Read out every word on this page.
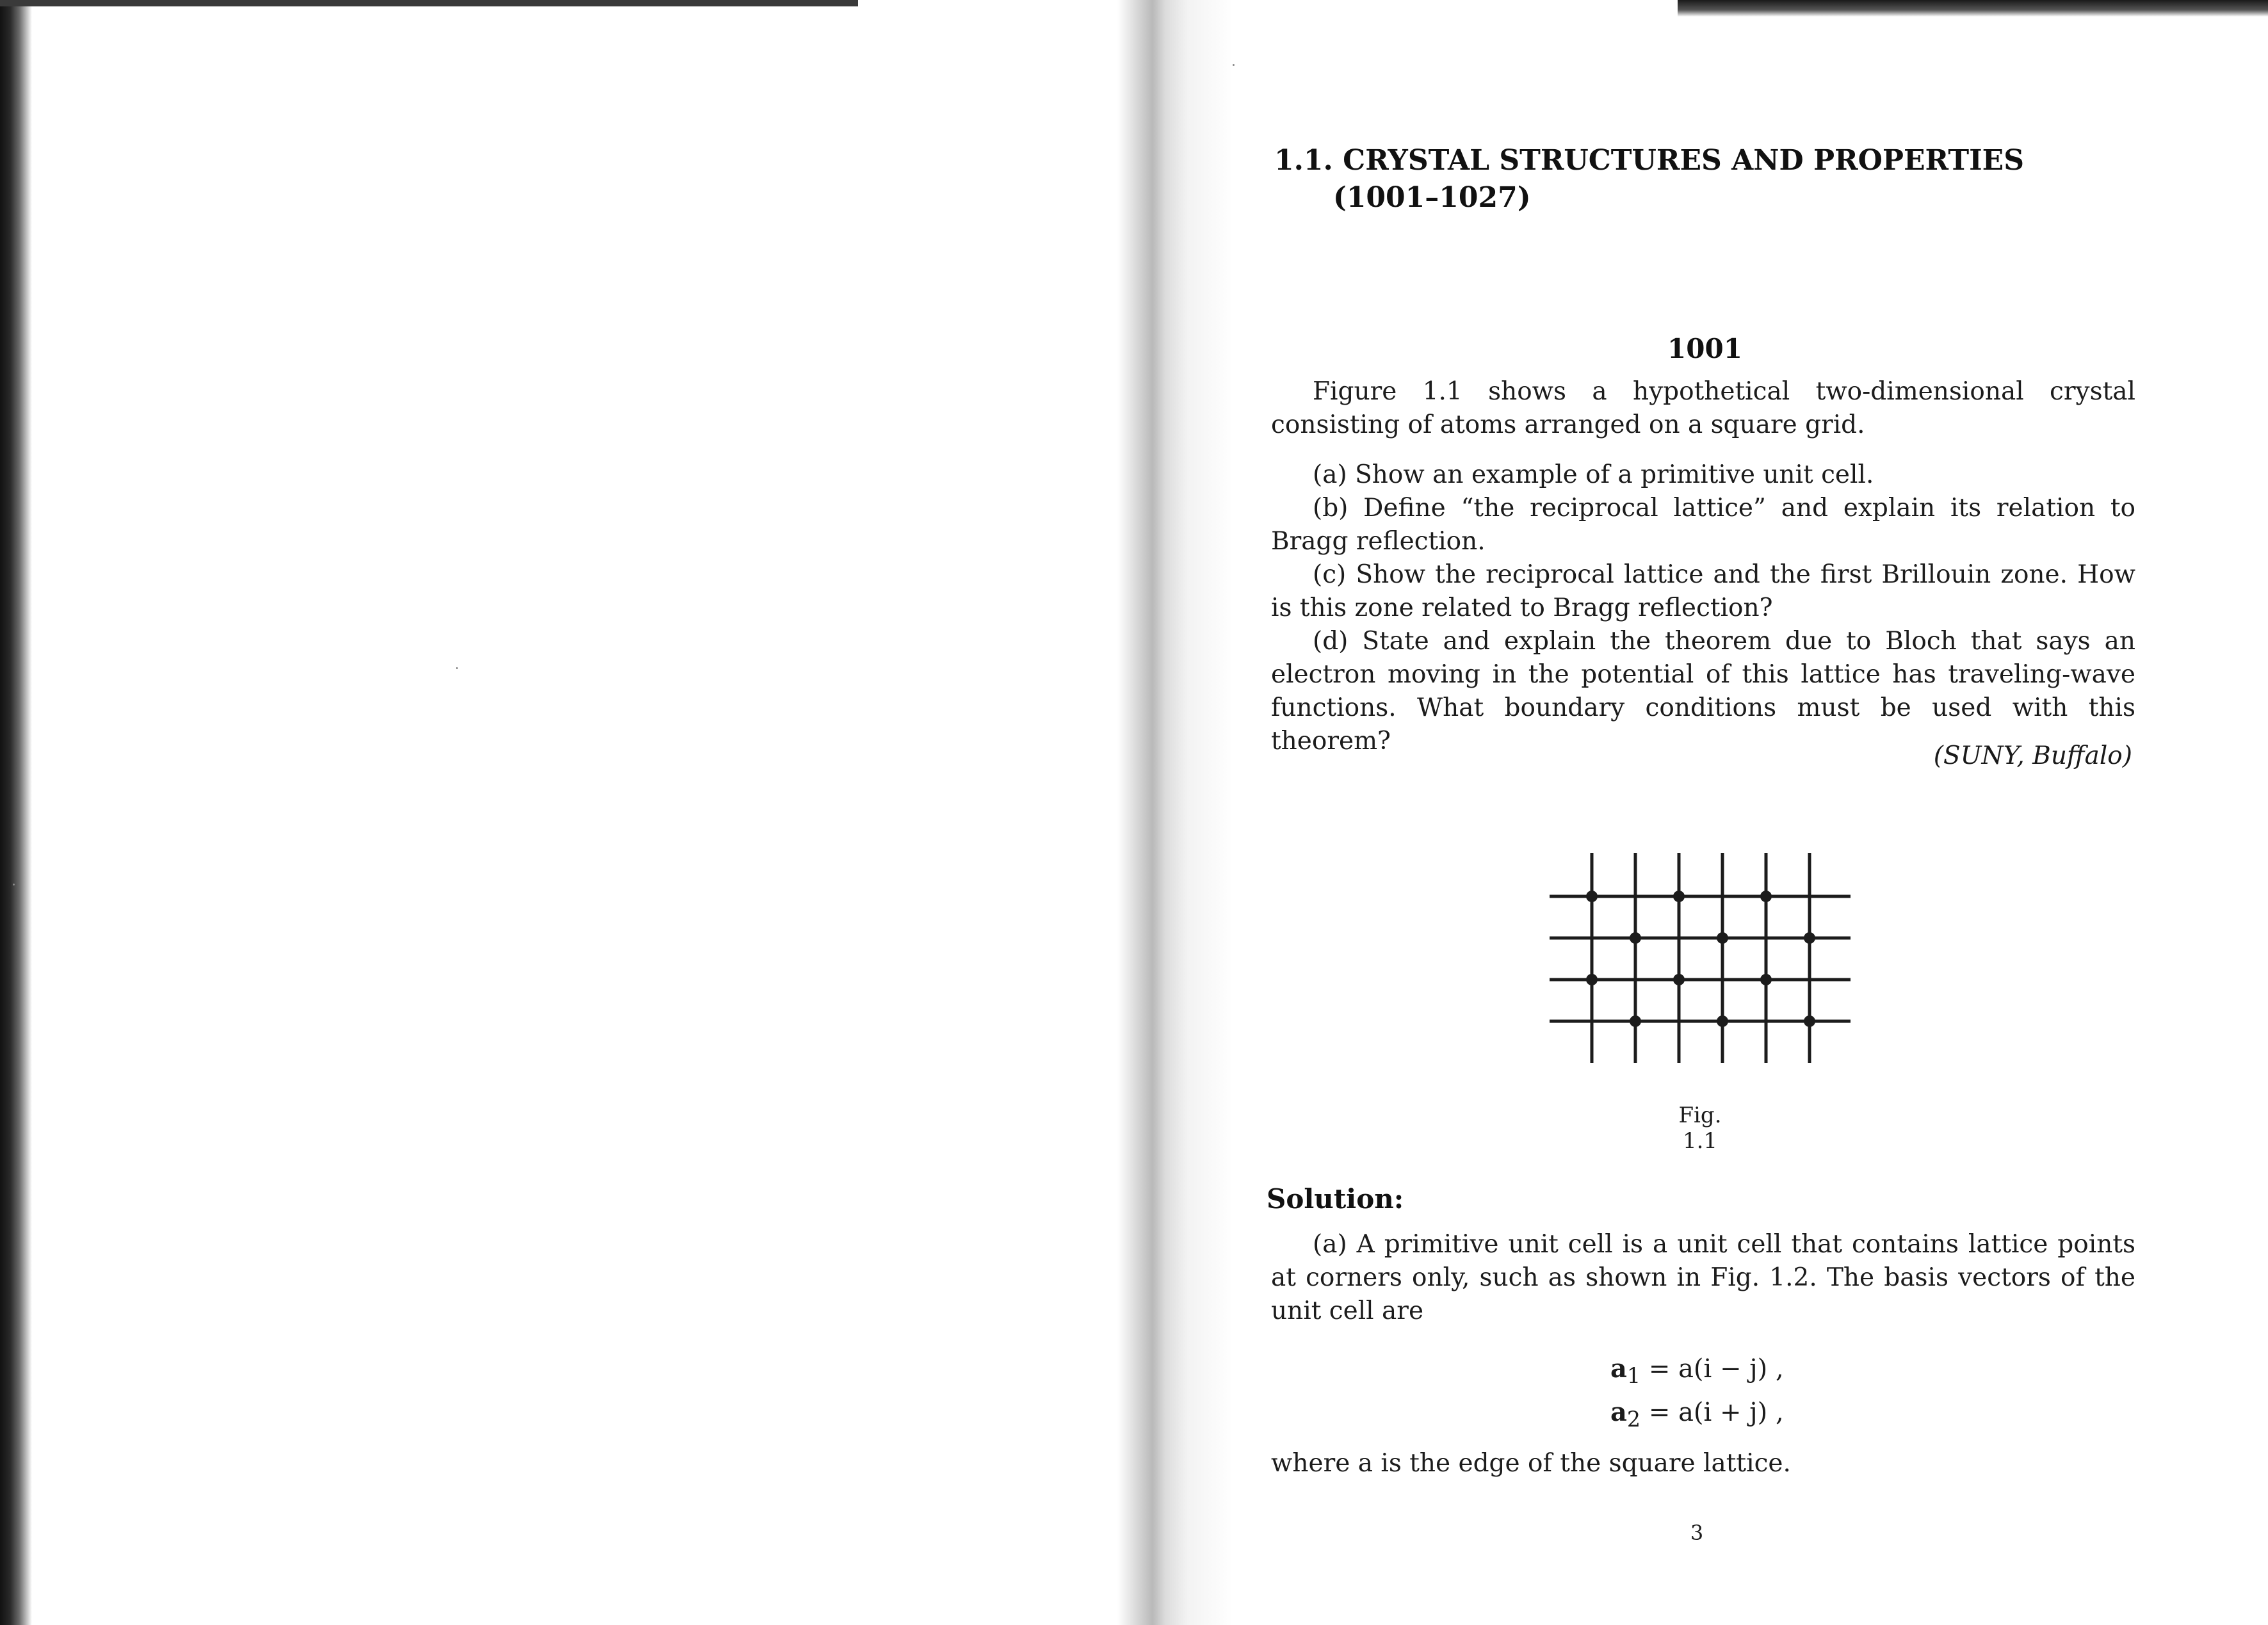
1.1. CRYSTAL STRUCTURES AND PROPERTIES
(1001–1027)
1001
Figure 1.1 shows a hypothetical two-dimensional crystal consisting of atoms arranged on a square grid.
(a) Show an example of a primitive unit cell.
(b) Define “the reciprocal lattice” and explain its relation to Bragg reflection.
(c) Show the reciprocal lattice and the first Brillouin zone. How is this zone related to Bragg reflection?
(d) State and explain the theorem due to Bloch that says an electron moving in the potential of this lattice has traveling-wave functions. What boundary conditions must be used with this theorem?
(SUNY, Buffalo)
Fig. 1.1
Solution:
(a) A primitive unit cell is a unit cell that contains lattice points at corners only, such as shown in Fig. 1.2. The basis vectors of the unit cell are
$a_1 = a(i - j)$ ,
$a_2 = a(i + j)$ ,
where a is the edge of the square lattice.
3
